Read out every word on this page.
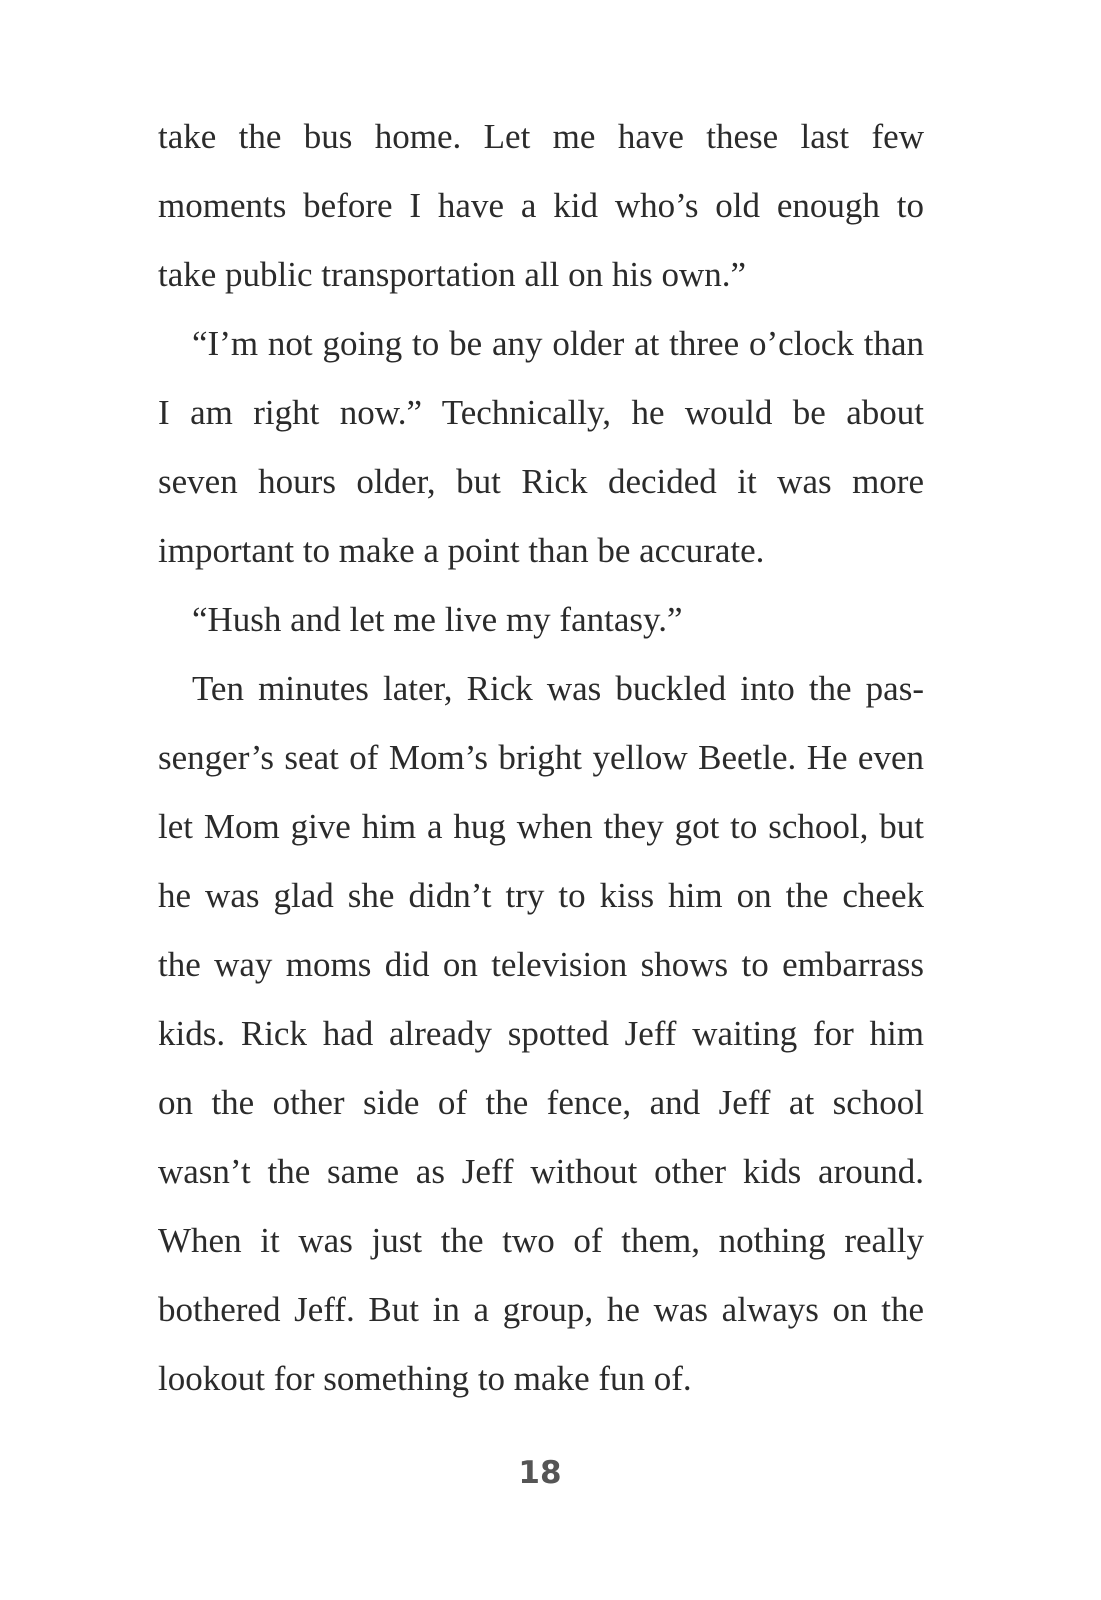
take the bus home. Let me have these last few
moments before I have a kid who’s old enough to
take public transportation all on his own.”
“I’m not going to be any older at three o’clock than
I am right now.” Technically, he would be about
seven hours older, but Rick decided it was more
important to make a point than be accurate.
“Hush and let me live my fantasy.”
Ten minutes later, Rick was buckled into the pas-
senger’s seat of Mom’s bright yellow Beetle. He even
let Mom give him a hug when they got to school, but
he was glad she didn’t try to kiss him on the cheek
the way moms did on television shows to embarrass
kids. Rick had already spotted Jeff waiting for him
on the other side of the fence, and Jeff at school
wasn’t the same as Jeff without other kids around.
When it was just the two of them, nothing really
bothered Jeff. But in a group, he was always on the
lookout for something to make fun of.
18
